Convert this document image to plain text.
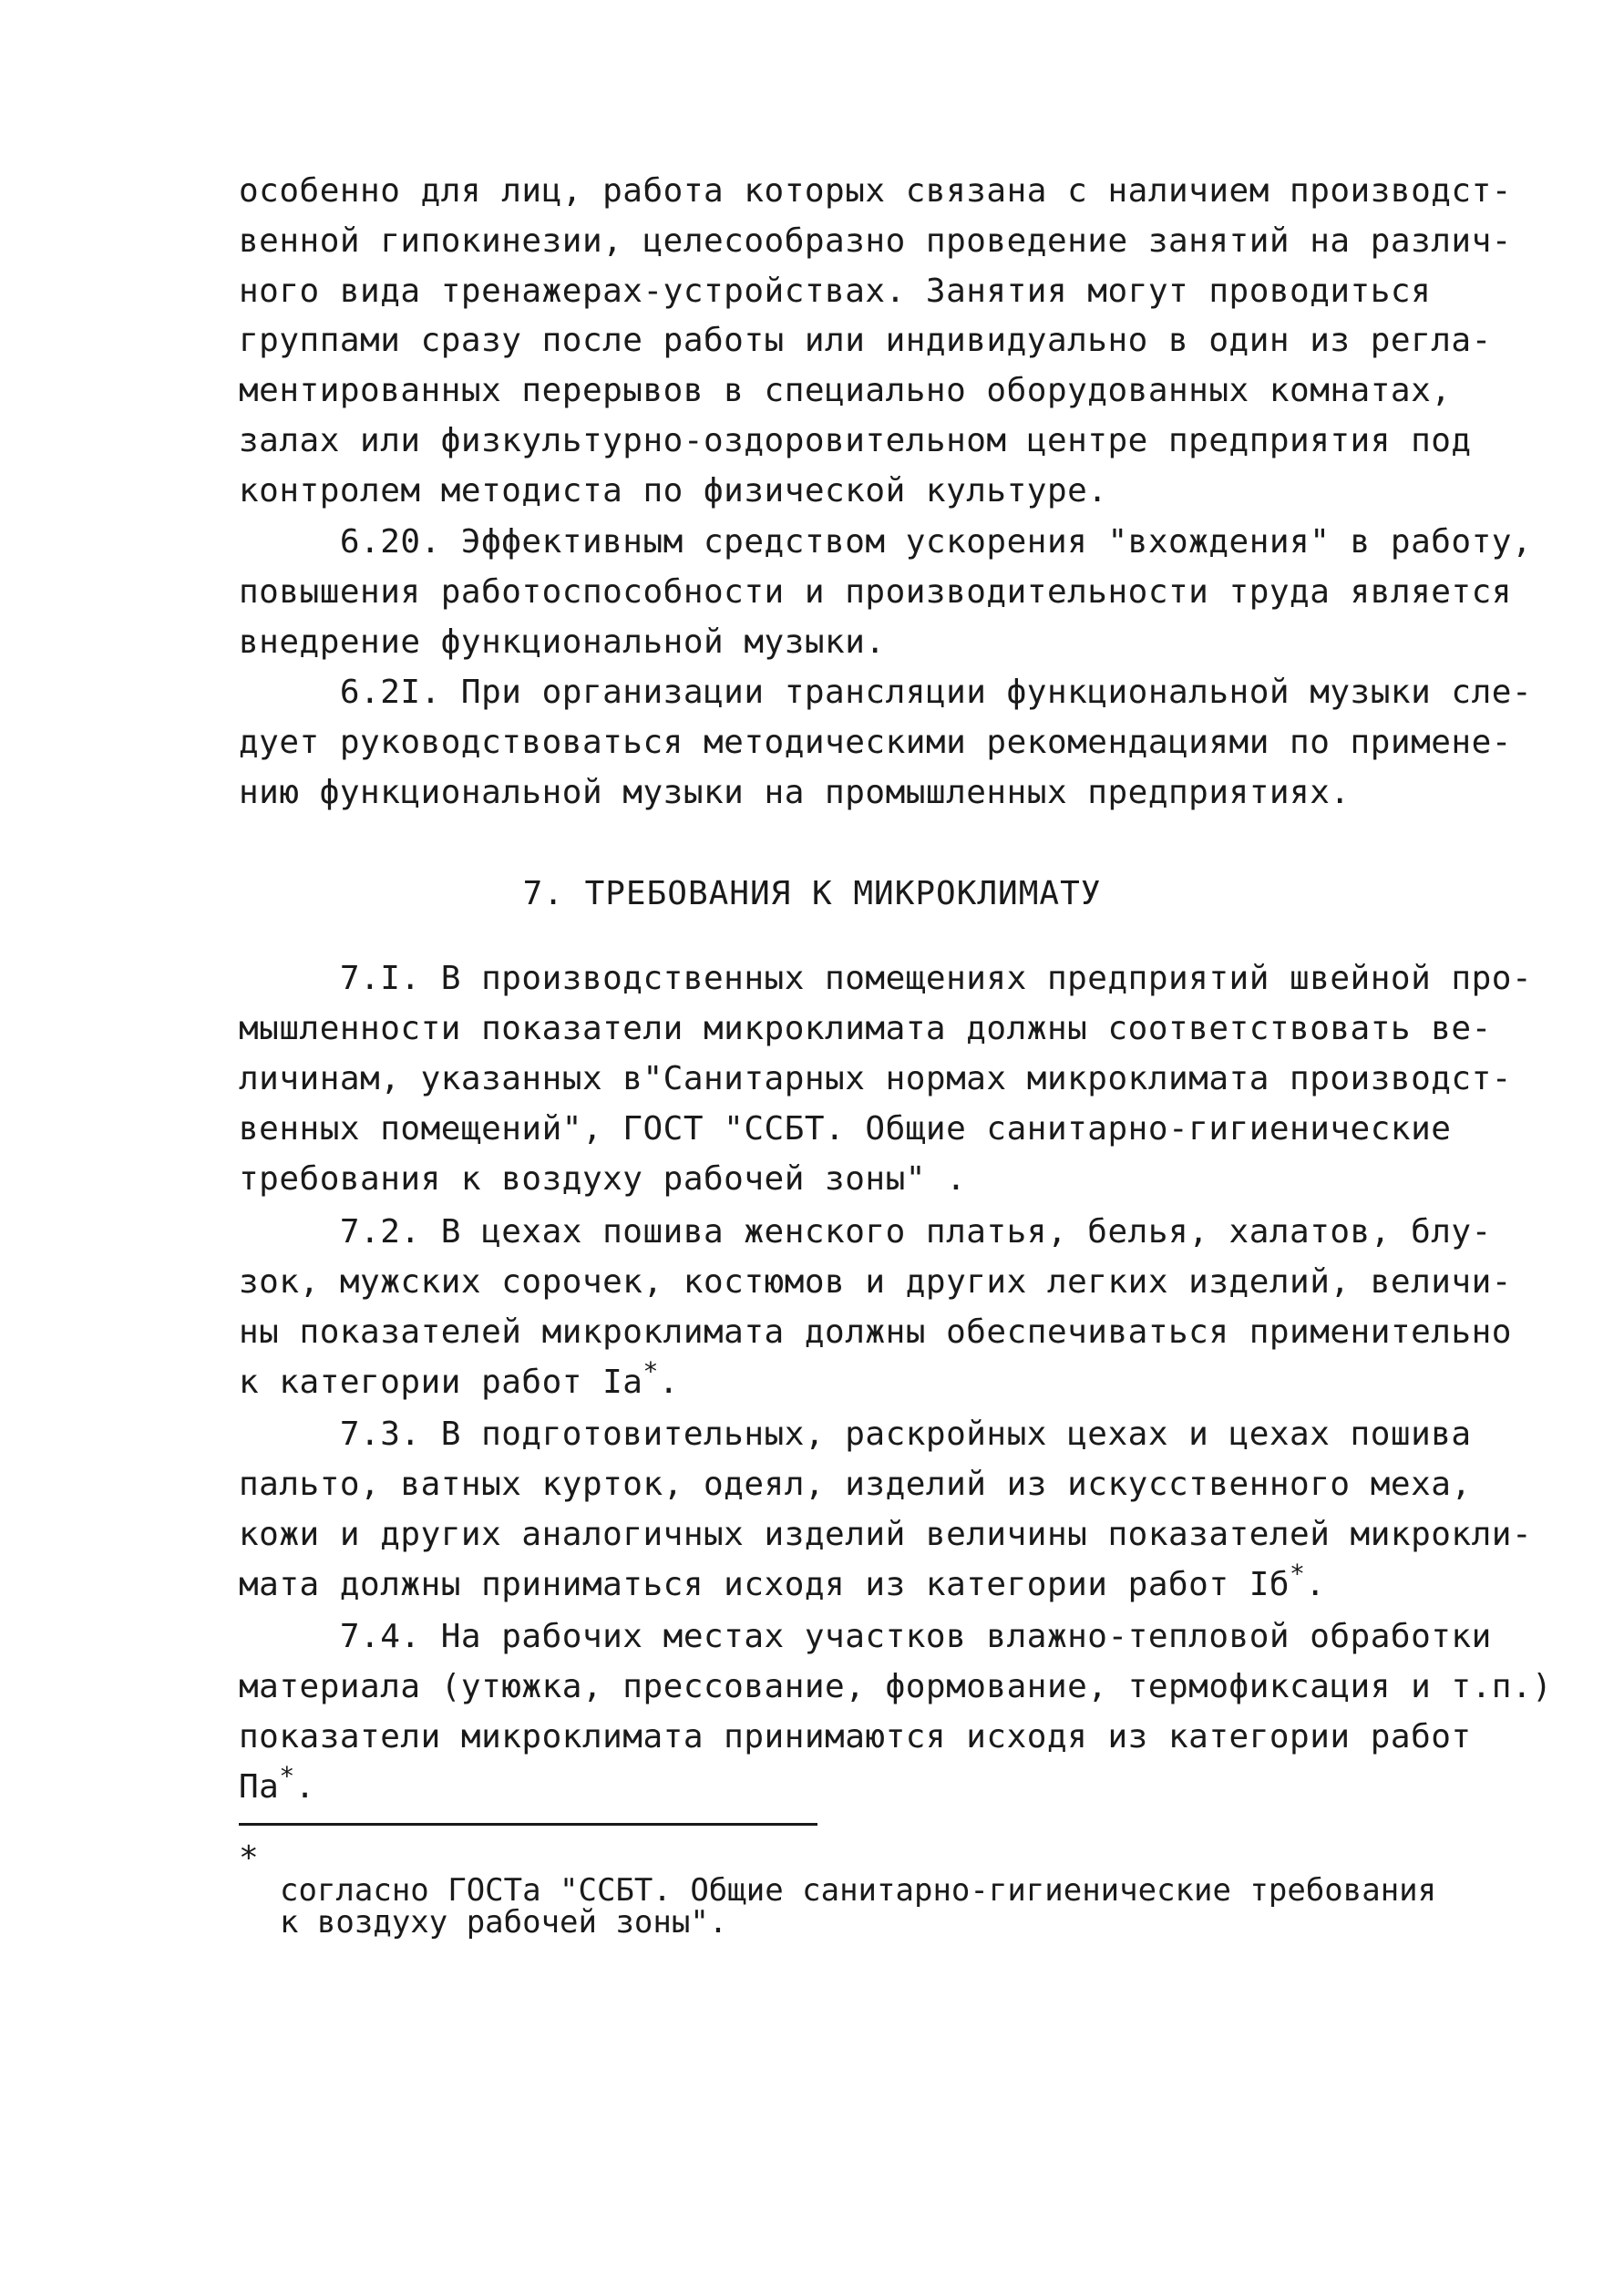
особенно для лиц, работа которых связана с наличием производст-
венной гипокинезии, целесообразно проведение занятий на различ-
ного вида тренажерах-устройствах. Занятия могут проводиться
группами сразу после работы или индивидуально в один из регла-
ментированных перерывов в специально оборудованных комнатах,
залах или физкультурно-оздоровительном центре предприятия под
контролем методиста по физической культуре.
6.20. Эффективным средством ускорения "вхождения" в работу,
повышения работоспособности и производительности труда является
внедрение функциональной музыки.
6.2I. При организации трансляции функциональной музыки сле-
дует руководствоваться методическими рекомендациями по примене-
нию функциональной музыки на промышленных предприятиях.
7. ТРЕБОВАНИЯ К МИКРОКЛИМАТУ
7.I. В производственных помещениях предприятий швейной про-
мышленности показатели микроклимата должны соответствовать ве-
личинам, указанных в"Санитарных нормах микроклимата производст-
венных помещений", ГОСТ "ССБТ. Общие санитарно-гигиенические
требования к воздуху рабочей зоны" .
7.2. В цехах пошива женского платья, белья, халатов, блу-
зок, мужских сорочек, костюмов и других легких изделий, величи-
ны показателей микроклимата должны обеспечиваться применительно
к категории работ Iа*.
7.3. В подготовительных, раскройных цехах и цехах пошива
пальто, ватных курток, одеял, изделий из искусственного меха,
кожи и других аналогичных изделий величины показателей микрокли-
мата должны приниматься исходя из категории работ Iб*.
7.4. На рабочих местах участков влажно-тепловой обработки
материала (утюжка, прессование, формование, термофиксация и т.п.)
показатели микроклимата принимаются исходя из категории работ
Па*.
*
согласно ГОСТа "ССБТ. Общие санитарно-гигиенические требования
к воздуху рабочей зоны".
